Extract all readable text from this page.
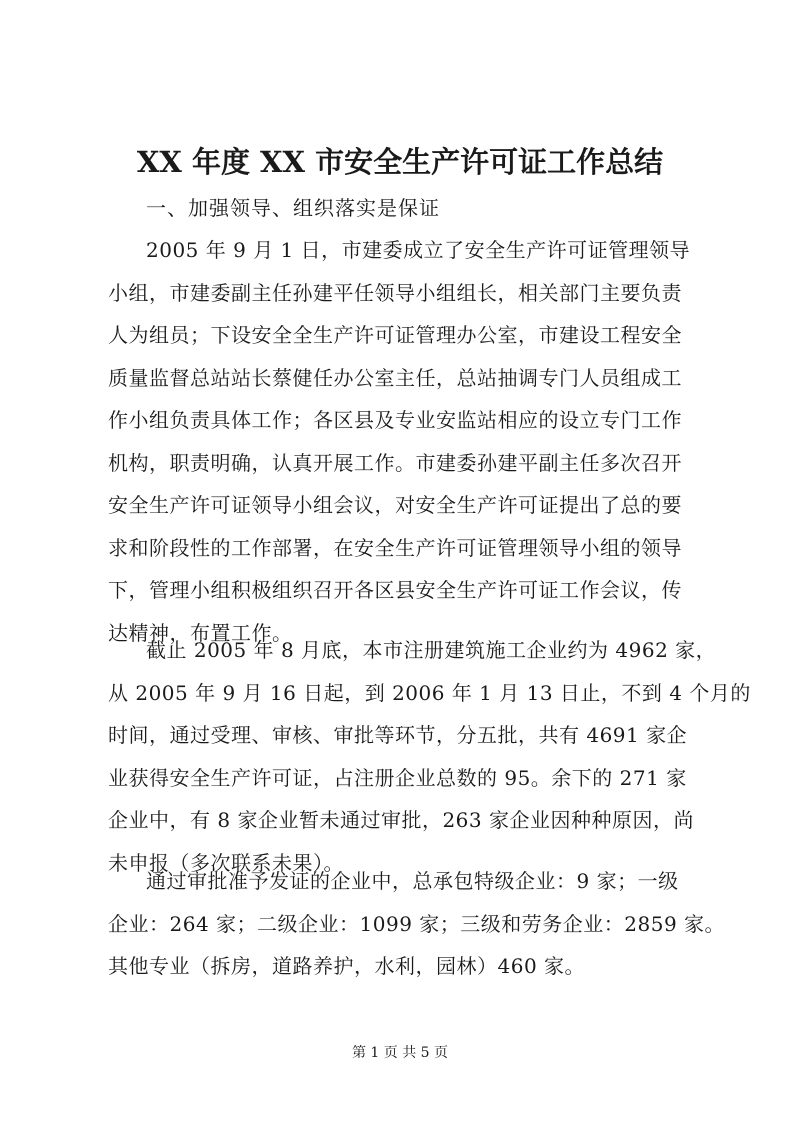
XX 年度 XX 市安全生产许可证工作总结
一、加强领导、组织落实是保证
2005 年 9 月 1 日，市建委成立了安全生产许可证管理领导
小组，市建委副主任孙建平任领导小组组长，相关部门主要负责
人为组员；下设安全全生产许可证管理办公室，市建设工程安全
质量监督总站站长蔡健任办公室主任，总站抽调专门人员组成工
作小组负责具体工作；各区县及专业安监站相应的设立专门工作
机构，职责明确，认真开展工作。市建委孙建平副主任多次召开
安全生产许可证领导小组会议，对安全生产许可证提出了总的要
求和阶段性的工作部署，在安全生产许可证管理领导小组的领导
下，管理小组积极组织召开各区县安全生产许可证工作会议，传
达精神，布置工作。
截止 2005 年 8 月底，本市注册建筑施工企业约为 4962 家，
从 2005 年 9 月 16 日起，到 2006 年 1 月 13 日止，不到 4 个月的
时间，通过受理、审核、审批等环节，分五批，共有 4691 家企
业获得安全生产许可证，占注册企业总数的 95。余下的 271 家
企业中，有 8 家企业暂未通过审批，263 家企业因种种原因，尚
未申报（多次联系未果）。
通过审批准予发证的企业中，总承包特级企业：9 家；一级
企业：264 家；二级企业：1099 家；三级和劳务企业：2859 家。
其他专业（拆房，道路养护，水利，园林）460 家。
第 1 页 共 5 页
